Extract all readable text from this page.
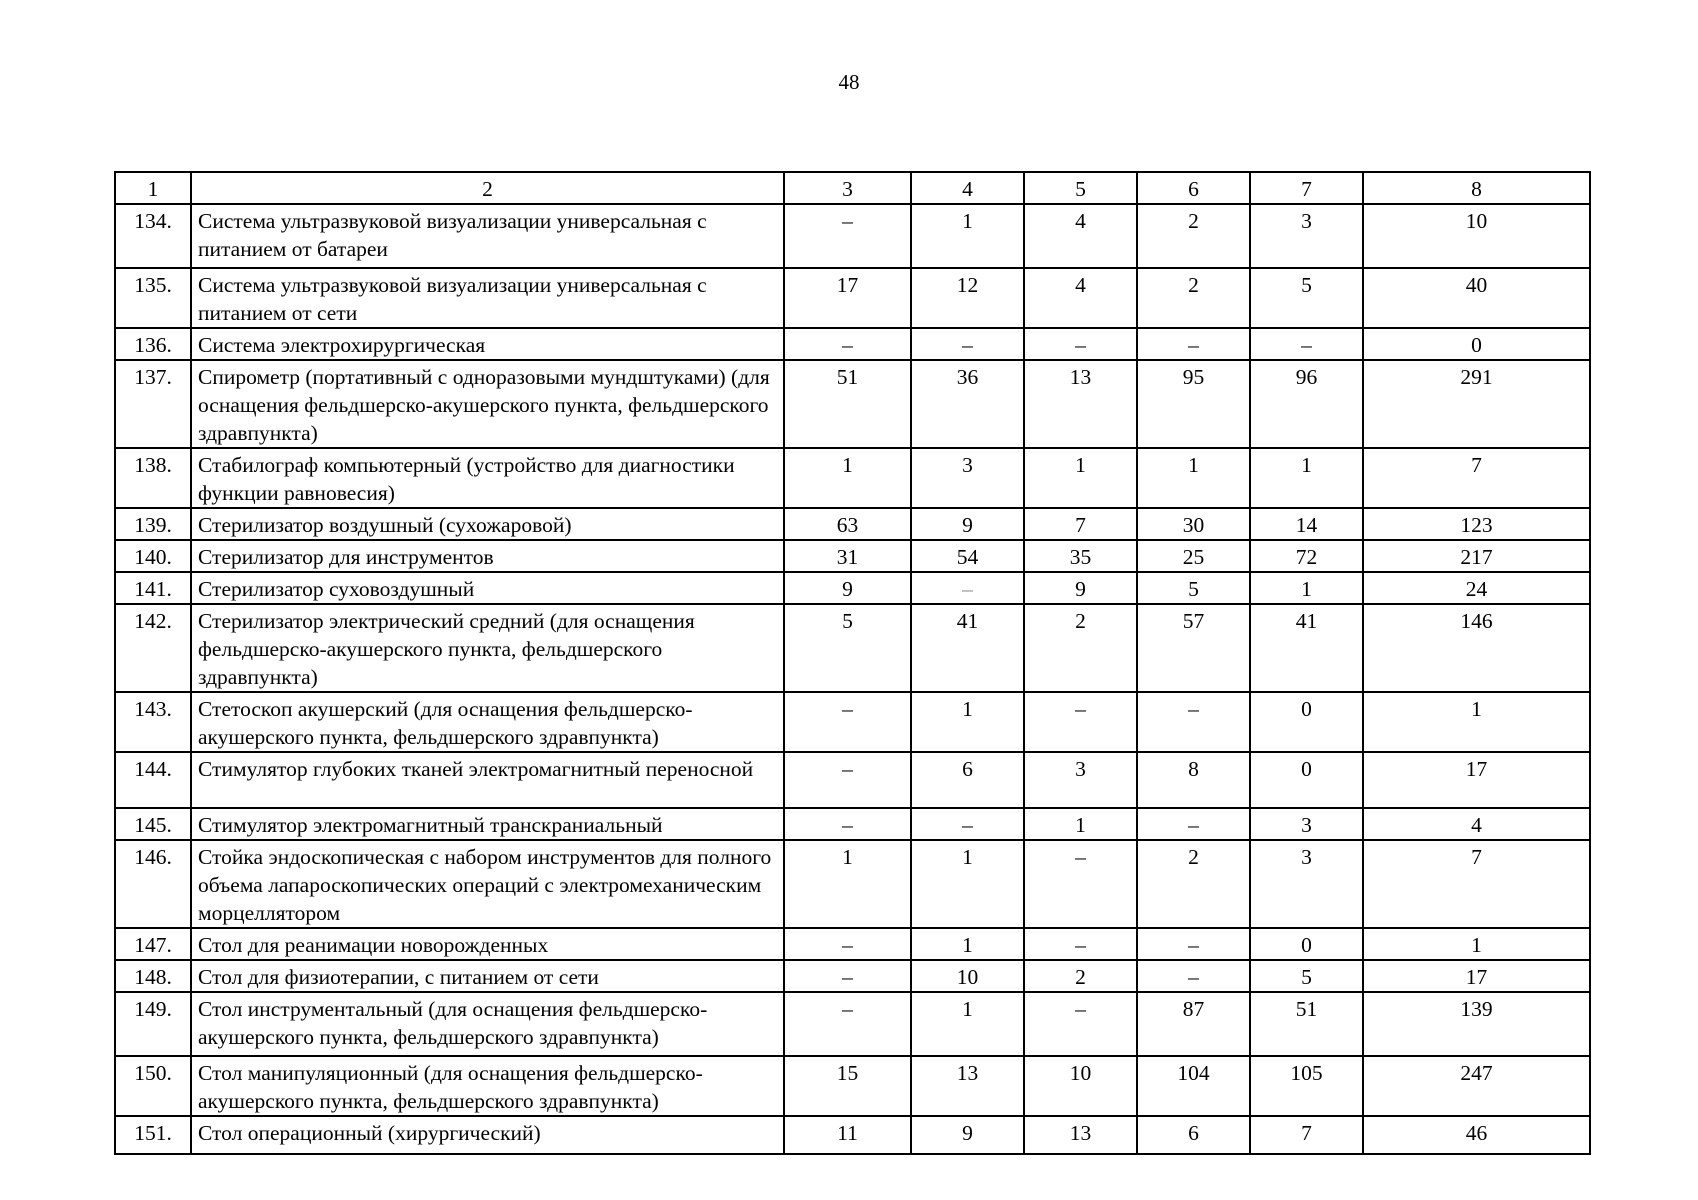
48
1	2	3	4	5	6	7	8
134.	Система ультразвуковой визуализации универсальная с питанием от батареи	–	1	4	2	3	10
135.	Система ультразвуковой визуализации универсальная с питанием от сети	17	12	4	2	5	40
136.	Система электрохирургическая	–	–	–	–	–	0
137.	Спирометр (портативный с одноразовыми мундштуками) (для оснащения фельдшерско-акушерского пункта, фельдшерского здравпункта)	51	36	13	95	96	291
138.	Стабилограф компьютерный (устройство для диагностики функции равновесия)	1	3	1	1	1	7
139.	Стерилизатор воздушный (сухожаровой)	63	9	7	30	14	123
140.	Стерилизатор для инструментов	31	54	35	25	72	217
141.	Стерилизатор суховоздушный	9	–	9	5	1	24
142.	Стерилизатор электрический средний (для оснащения фельдшерско-акушерского пункта, фельдшерского здравпункта)	5	41	2	57	41	146
143.	Стетоскоп акушерский (для оснащения фельдшерско-акушерского пункта, фельдшерского здравпункта)	–	1	–	–	0	1
144.	Стимулятор глубоких тканей электромагнитный переносной	–	6	3	8	0	17
145.	Стимулятор электромагнитный транскраниальный	–	–	1	–	3	4
146.	Стойка эндоскопическая с набором инструментов для полного объема лапароскопических операций с электромеханическим морцеллятором	1	1	–	2	3	7
147.	Стол для реанимации новорожденных	–	1	–	–	0	1
148.	Стол для физиотерапии, с питанием от сети	–	10	2	–	5	17
149.	Стол инструментальный (для оснащения фельдшерско-акушерского пункта, фельдшерского здравпункта)	–	1	–	87	51	139
150.	Стол манипуляционный (для оснащения фельдшерско-акушерского пункта, фельдшерского здравпункта)	15	13	10	104	105	247
151.	Стол операционный (хирургический)	11	9	13	6	7	46
